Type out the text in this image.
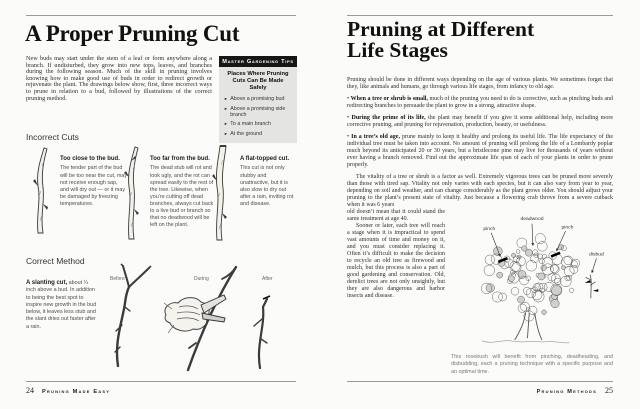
A Proper Pruning Cut

New buds may start under the stem of a leaf or form anywhere along a branch. If undisturbed, they grow into new tops, leaves, and branches during the following season. Much of the skill in pruning involves knowing how to make good use of buds in order to redirect growth or rejuvenate the plant. The drawings below show, first, three incorrect ways to prune in relation to a bud, followed by illustrations of the correct pruning method.

Master Gardening Tips
Places Where Pruning Cuts Can Be Made Safely
► Above a promising bud
► Above a promising side branch
► To a main branch
► At the ground
Incorrect Cuts
Too close to the bud.
The tender part of the bud will be too near the cut, may not receive enough sap, and will dry out — or it may be damaged by freezing temperatures.
Too far from the bud.
The dead stub will rot and look ugly, and the rot can spread easily to the rest of the tree. Likewise, when you’re cutting off dead branches, always cut back to a live bud or branch so that no deadwood will be left on the plant.
A flat-topped cut.
This cut is not only stubby and unattractive, but it is also slow to dry out after a rain, inviting rot and disease.
Correct Method
A slanting cut, about ¼ inch above a bud. In addition to being the best spot to inspire new growth in the bud below, it leaves less stub and the slant dries out faster after a rain.
Before	During	After
24 Pruning Made Easy
Pruning at Different
Life Stages

Pruning should be done in different ways depending on the age of various plants. We sometimes forget that they, like animals and humans, go through various life stages, from infancy to old age.

• When a tree or shrub is small, much of the pruning you need to do is corrective, such as pinching buds and redirecting branches to persuade the plant to grow in a strong, attractive shape.

• During the prime of its life, the plant may benefit if you give it some additional help, including more corrective pruning, and pruning for rejuvenation, production, beauty, or usefulness.

• In a tree’s old age, prune mainly to keep it healthy and prolong its useful life. The life expectancy of the individual tree must be taken into account. No amount of pruning will prolong the life of a Lombardy poplar much beyond its anticipated 20 or 30 years, but a bristlecone pine may live for thousands of years without ever having a branch removed. Find out the approximate life span of each of your plants in order to prune properly.

The vitality of a tree or shrub is a factor as well. Extremely vigorous trees can be pruned more severely than those with tired sap. Vitality not only varies with each species, but it can also vary from year to year, depending on soil and weather, and can change considerably as the plant grows older. You should adjust your pruning to the plant’s present state of vitality. Just because a flowering crab throve from a severe cutback when it was 6 years

deadwood
pinch	pinch
disbud
This rosebush will benefit from pinching, deadheading, and disbudding, each a pruning technique with a specific purpose and an optimal time.

old doesn’t mean that it could stand the same treatment at age 40.

Sooner or later, each tree will reach a stage when it is impractical to spend vast amounts of time and money on it, and you must consider replacing it. Often it’s difficult to make the decision to recycle an old tree as firewood and mulch, but this process is also a part of good gardening and conservation. Old, derelict trees are not only unsightly, but they are also dangerous and harbor insects and disease.

Pruning Methods 25
